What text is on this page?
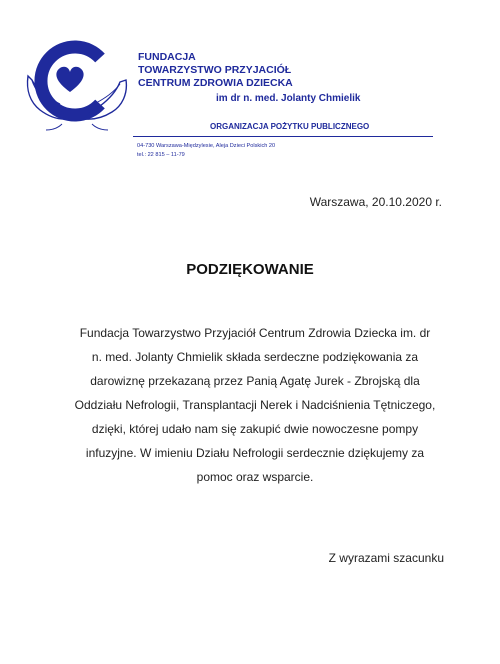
FUNDACJA
TOWARZYSTWO PRZYJACIÓŁ
CENTRUM ZDROWIA DZIECKA
im dr n. med. Jolanty Chmielik
ORGANIZACJA POŻYTKU PUBLICZNEGO
04-730 Warszawa-Międzylesie, Aleja Dzieci Polskich 20
tel.: 22 815 – 11-79
Warszawa, 20.10.2020 r.
PODZIĘKOWANIE
Fundacja Towarzystwo Przyjaciół Centrum Zdrowia Dziecka im. dr
n. med. Jolanty Chmielik składa serdeczne podziękowania za
darowiznę przekazaną przez Panią Agatę Jurek - Zbrojską dla
Oddziału Nefrologii, Transplantacji Nerek i Nadciśnienia Tętniczego,
dzięki, której udało nam się zakupić dwie nowoczesne pompy
infuzyjne. W imieniu Działu Nefrologii serdecznie dziękujemy za
pomoc oraz wsparcie.
Z wyrazami szacunku
